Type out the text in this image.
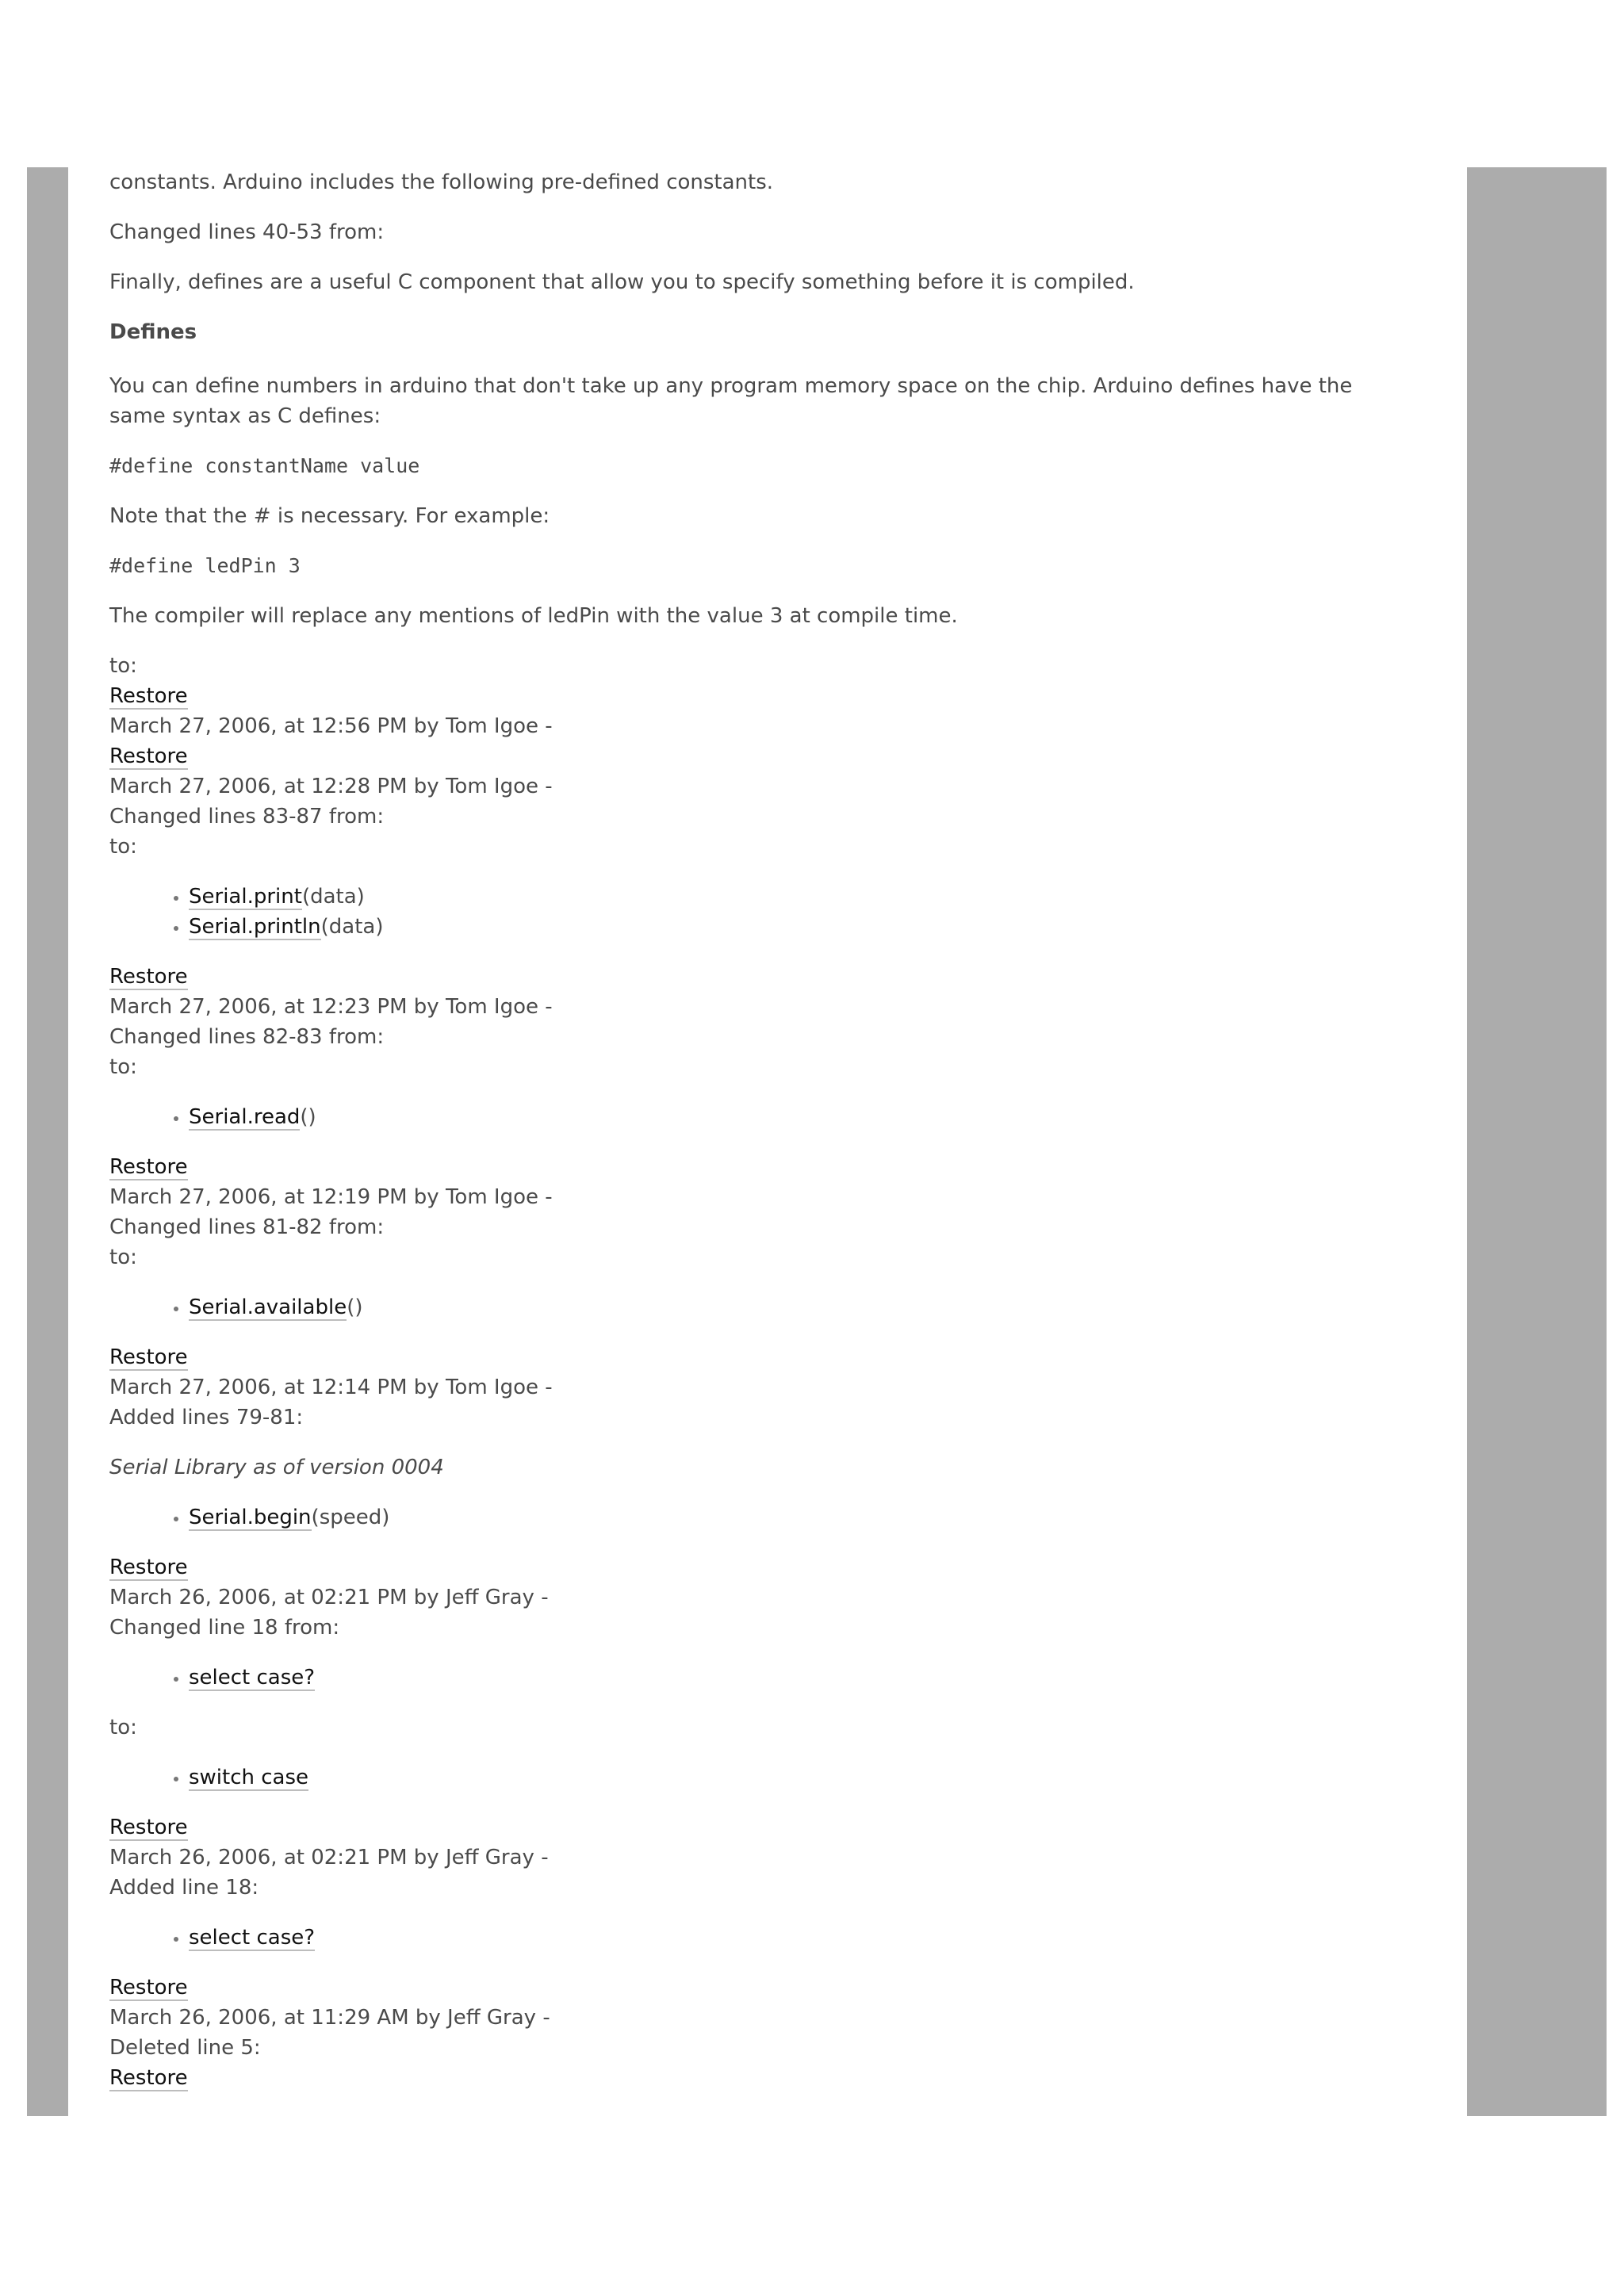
constants. Arduino includes the following pre-defined constants.

Changed lines 40-53 from:

Finally, defines are a useful C component that allow you to specify something before it is compiled.

Defines

You can define numbers in arduino that don't take up any program memory space on the chip. Arduino defines have the same syntax as C defines:

#define constantName value

Note that the # is necessary. For example:

#define ledPin 3

The compiler will replace any mentions of ledPin with the value 3 at compile time.

to:

Restore

March 27, 2006, at 12:56 PM by Tom Igoe -

Restore

March 27, 2006, at 12:28 PM by Tom Igoe -

Changed lines 83-87 from:

to:

• Serial.print(data)
• Serial.println(data)

Restore

March 27, 2006, at 12:23 PM by Tom Igoe -

Changed lines 82-83 from:

to:

• Serial.read()

Restore

March 27, 2006, at 12:19 PM by Tom Igoe -

Changed lines 81-82 from:

to:

• Serial.available()

Restore

March 27, 2006, at 12:14 PM by Tom Igoe -

Added lines 79-81:

Serial Library as of version 0004

• Serial.begin(speed)

Restore

March 26, 2006, at 02:21 PM by Jeff Gray -

Changed line 18 from:

• select case?

to:

• switch case

Restore

March 26, 2006, at 02:21 PM by Jeff Gray -

Added line 18:

• select case?

Restore

March 26, 2006, at 11:29 AM by Jeff Gray -

Deleted line 5:

Restore
